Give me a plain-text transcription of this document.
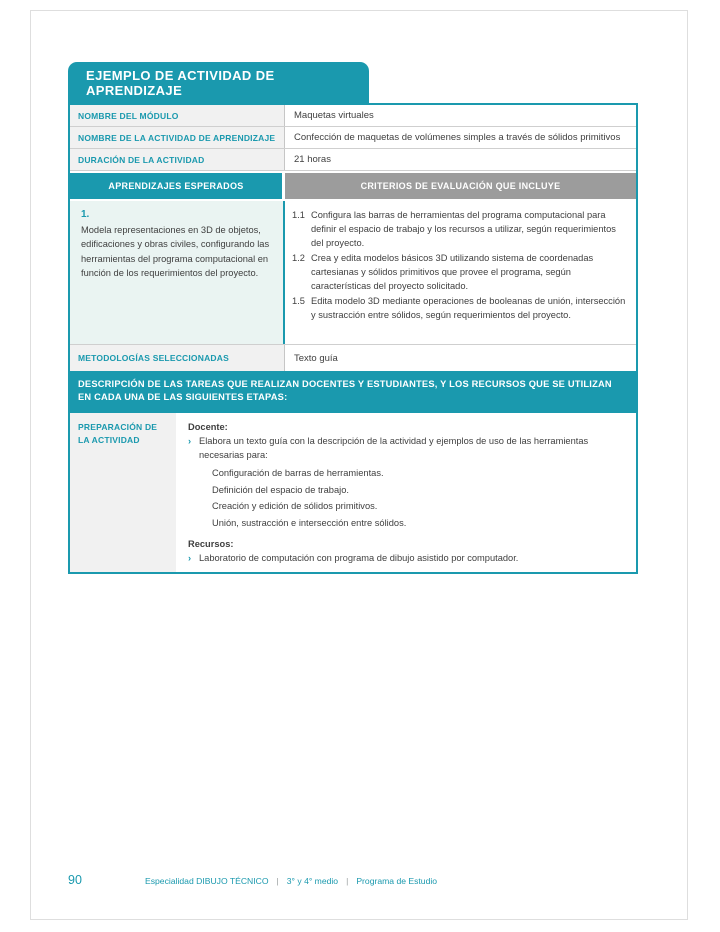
EJEMPLO DE ACTIVIDAD DE APRENDIZAJE
NOMBRE DEL MÓDULO	Maquetas virtuales
NOMBRE DE LA ACTIVIDAD DE APRENDIZAJE	Confección de maquetas de volúmenes simples a través de sólidos primitivos
DURACIÓN DE LA ACTIVIDAD	21 horas
APRENDIZAJES ESPERADOS	CRITERIOS DE EVALUACIÓN QUE INCLUYE
1.
Modela representaciones en 3D de objetos, edificaciones y obras civiles, configurando las herramientas del programa computacional en función de los requerimientos del proyecto.
1.1 Configura las barras de herramientas del programa computacional para definir el espacio de trabajo y los recursos a utilizar, según requerimientos del proyecto.
1.2 Crea y edita modelos básicos 3D utilizando sistema de coordenadas cartesianas y sólidos primitivos que provee el programa, según características del proyecto solicitado.
1.5 Edita modelo 3D mediante operaciones de booleanas de unión, intersección y sustracción entre sólidos, según requerimientos del proyecto.
METODOLOGÍAS SELECCIONADAS	Texto guía
DESCRIPCIÓN DE LAS TAREAS QUE REALIZAN DOCENTES Y ESTUDIANTES, Y LOS RECURSOS QUE SE UTILIZAN EN CADA UNA DE LAS SIGUIENTES ETAPAS:
PREPARACIÓN DE LA ACTIVIDAD
Docente:
› Elabora un texto guía con la descripción de la actividad y ejemplos de uso de las herramientas necesarias para:
Configuración de barras de herramientas.
Definición del espacio de trabajo.
Creación y edición de sólidos primitivos.
Unión, sustracción e intersección entre sólidos.
Recursos:
› Laboratorio de computación con programa de dibujo asistido por computador.
90	Especialidad DIBUJO TÉCNICO | 3° y 4° medio | Programa de Estudio
